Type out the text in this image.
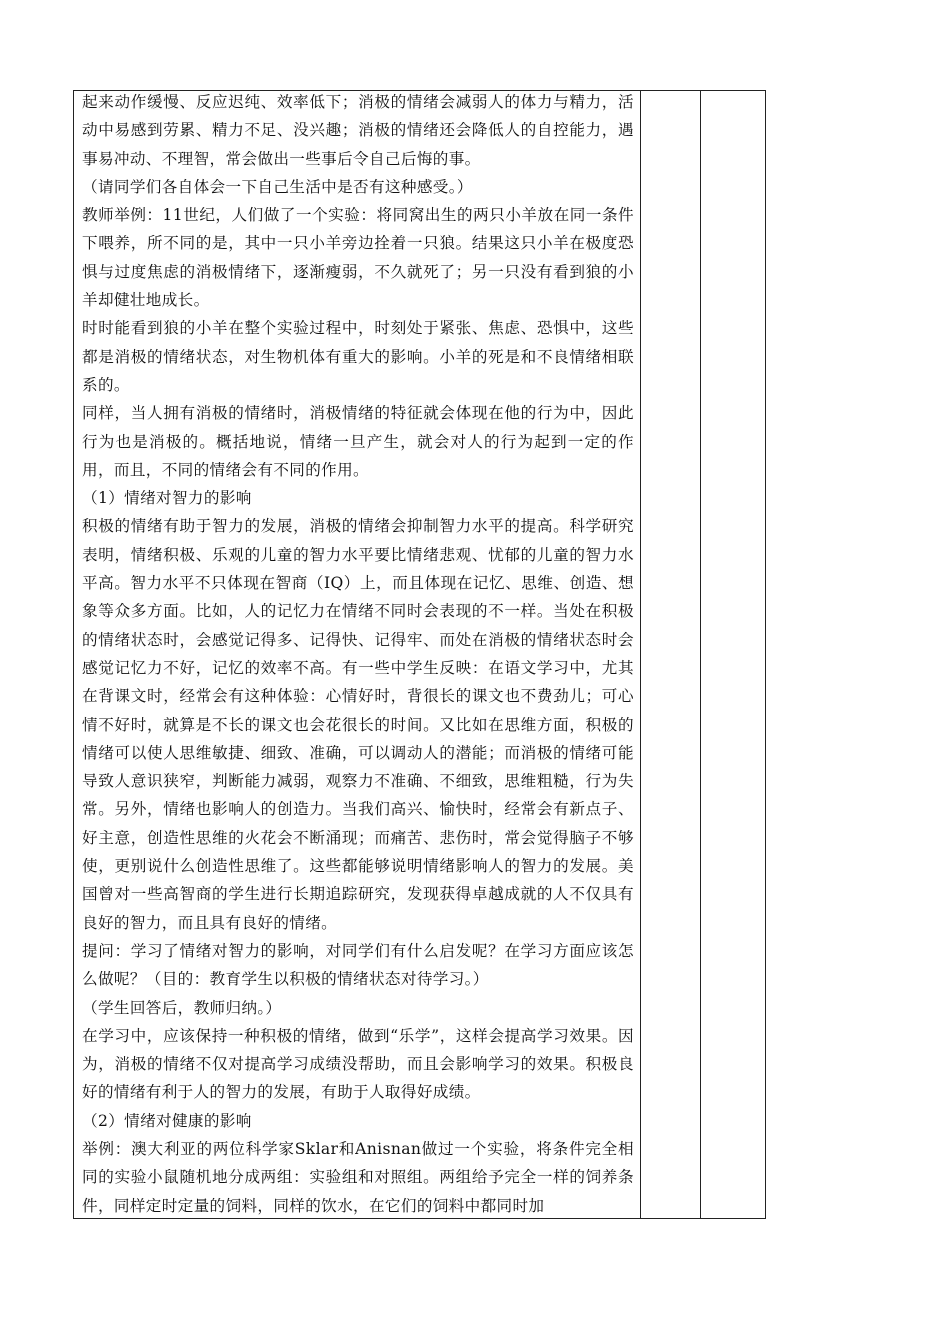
起来动作缓慢、反应迟纯、效率低下；消极的情绪会减弱人的体力与精力，活动中易感到劳累、精力不足、没兴趣；消极的情绪还会降低人的自控能力，遇事易冲动、不理智，常会做出一些事后令自己后悔的事。

（请同学们各自体会一下自己生活中是否有这种感受。）

教师举例：11世纪，人们做了一个实验：将同窝出生的两只小羊放在同一条件下喂养，所不同的是，其中一只小羊旁边拴着一只狼。结果这只小羊在极度恐惧与过度焦虑的消极情绪下，逐渐瘦弱，不久就死了；另一只没有看到狼的小羊却健壮地成长。

时时能看到狼的小羊在整个实验过程中，时刻处于紧张、焦虑、恐惧中，这些都是消极的情绪状态，对生物机体有重大的影响。小羊的死是和不良情绪相联系的。

同样，当人拥有消极的情绪时，消极情绪的特征就会体现在他的行为中，因此行为也是消极的。概括地说，情绪一旦产生，就会对人的行为起到一定的作用，而且，不同的情绪会有不同的作用。

（1）情绪对智力的影响

积极的情绪有助于智力的发展，消极的情绪会抑制智力水平的提高。科学研究表明，情绪积极、乐观的儿童的智力水平要比情绪悲观、忧郁的儿童的智力水平高。智力水平不只体现在智商（IQ）上，而且体现在记忆、思维、创造、想象等众多方面。比如，人的记忆力在情绪不同时会表现的不一样。当处在积极的情绪状态时，会感觉记得多、记得快、记得牢、而处在消极的情绪状态时会感觉记忆力不好，记忆的效率不高。有一些中学生反映：在语文学习中，尤其在背课文时，经常会有这种体验：心情好时，背很长的课文也不费劲儿；可心情不好时，就算是不长的课文也会花很长的时间。又比如在思维方面，积极的情绪可以使人思维敏捷、细致、准确，可以调动人的潜能；而消极的情绪可能导致人意识狭窄，判断能力减弱，观察力不准确、不细致，思维粗糙，行为失常。另外，情绪也影响人的创造力。当我们高兴、愉快时，经常会有新点子、好主意，创造性思维的火花会不断涌现；而痛苦、悲伤时，常会觉得脑子不够使，更别说什么创造性思维了。这些都能够说明情绪影响人的智力的发展。美国曾对一些高智商的学生进行长期追踪研究，发现获得卓越成就的人不仅具有良好的智力，而且具有良好的情绪。

提问：学习了情绪对智力的影响，对同学们有什么启发呢？在学习方面应该怎么做呢？（目的：教育学生以积极的情绪状态对待学习。）

（学生回答后，教师归纳。）

在学习中，应该保持一种积极的情绪，做到“乐学”，这样会提高学习效果。因为，消极的情绪不仅对提高学习成绩没帮助，而且会影响学习的效果。积极良好的情绪有利于人的智力的发展，有助于人取得好成绩。

（2）情绪对健康的影响

举例：澳大利亚的两位科学家Sklar和Anisnan做过一个实验，将条件完全相同的实验小鼠随机地分成两组：实验组和对照组。两组给予完全一样的饲养条件，同样定时定量的饲料，同样的饮水，在它们的饲料中都同时加
